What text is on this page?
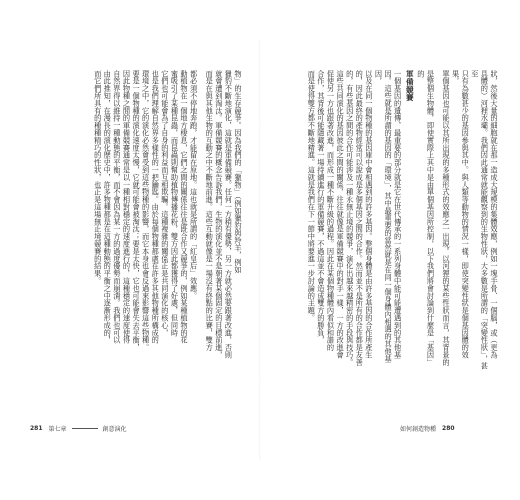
狀，然後大量的細胞就在那一造成大規模的集體效應，例如一塊手骨、一個腦，或（更為
具體的）河狸水壩。我們因此通常就能觀察到的生物性狀，大多數是所謂的「突變性狀」，甚至
只有為數甚少的基因參與其中。與人類等動物的情況一樣，即使突變性狀是個基因體的效果，
單個基因也可能以其所出現的多種形式的效應之一出現。以河狸的某些性狀而言，其背景的
是整個生物體，即使實際上其中是由單個基因所控制，以下我們將會討論到什麼是「基因」的
軍備競賽
一個基因的遺傳，最重要的部分就是它在世代傳承的一系列身體中能可能遭遇到的其他基
因。這些就是所謂的基因的「環境」，其中最重要的當然就是在同一個身體內相遇的其他基因，
以及在同一個物種的基因庫中會相遇到的許多基因。整個身體是由許多基因的合作所產生
的，因此最終的產物經常可以說成是多個基因之間的合作。然而並不是所有的合作都是友善
的，有些基因之間的合作可能涉及一種永無止境的競爭，演化出越來越精密的手段與技巧。
這些共同演化的基因彼此之間的關係，往往就像是軍備競賽中的對手一樣，一方的改進會
促使另一方也跟著改進，而形成一種不斷升級的過程。因此在某個物種體內看似和諧的
合作，其背後可能隱藏著一場持續進行的軍備競賽，不過這並不會造成雙方的勝負，
而是使得雙方都不斷地精進。這就是我們在下一節中將要進一步討論的主題。
物」的生存競爭。因為我們的「獵物」（例如獵豹與羚羊，例如
獵豹不斷地演化，這就是軍備競賽。任何一方稍有優勢，另一方就必然要跟著改進，否則
就會遭到淘汰。軍備競賽的概念告訴我們，生物的演化並不是朝著某個固定的目標前進，
而是在與其他生物的互動之中不斷地前進。這些互動就像是一場沒有終點的比賽，雙方
都必須不停地奔跑，才能留在原地。這也就是所謂的「紅皇后」效應。
動植物在一個地方棲息，它們之間的關係往往是既合作又競爭的，例如某種植物的花
蜜吸引了某種昆蟲，而昆蟲則幫助植物傳播花粉，雙方因此都獲得了好處，但同時
它們也可能會為了自身的利益而互相欺騙。這種複雜的關係正是共同演化的核心，
也是我們理解自然界多樣性的一把鑰匙。由於每個物種都處在許多其他物種所構成的
環境之中，它的演化必然會受到這些物種的影響，而它本身也會反過來影響這些物種。
要是一個物種的演化速度太慢，它就可能會被淘汰；要是太快，它也可能會失去平衡，
因此物種之間的軍備競賽通常是以一種相對穩定的速度進行的，這種穩定的速度使得
自然界得以維持一種動態的平衡，而不會因為某一方的過度優勢而崩潰。我們也可以
由此推知，在漫長的演化歷史中，許多物種都是在這種動態的平衡之中逐漸形成的，
而它們所具有的種種精巧的性狀，也正是這場無止境競賽的結果。
281 第七章	創意演化	如何創造物種 280
